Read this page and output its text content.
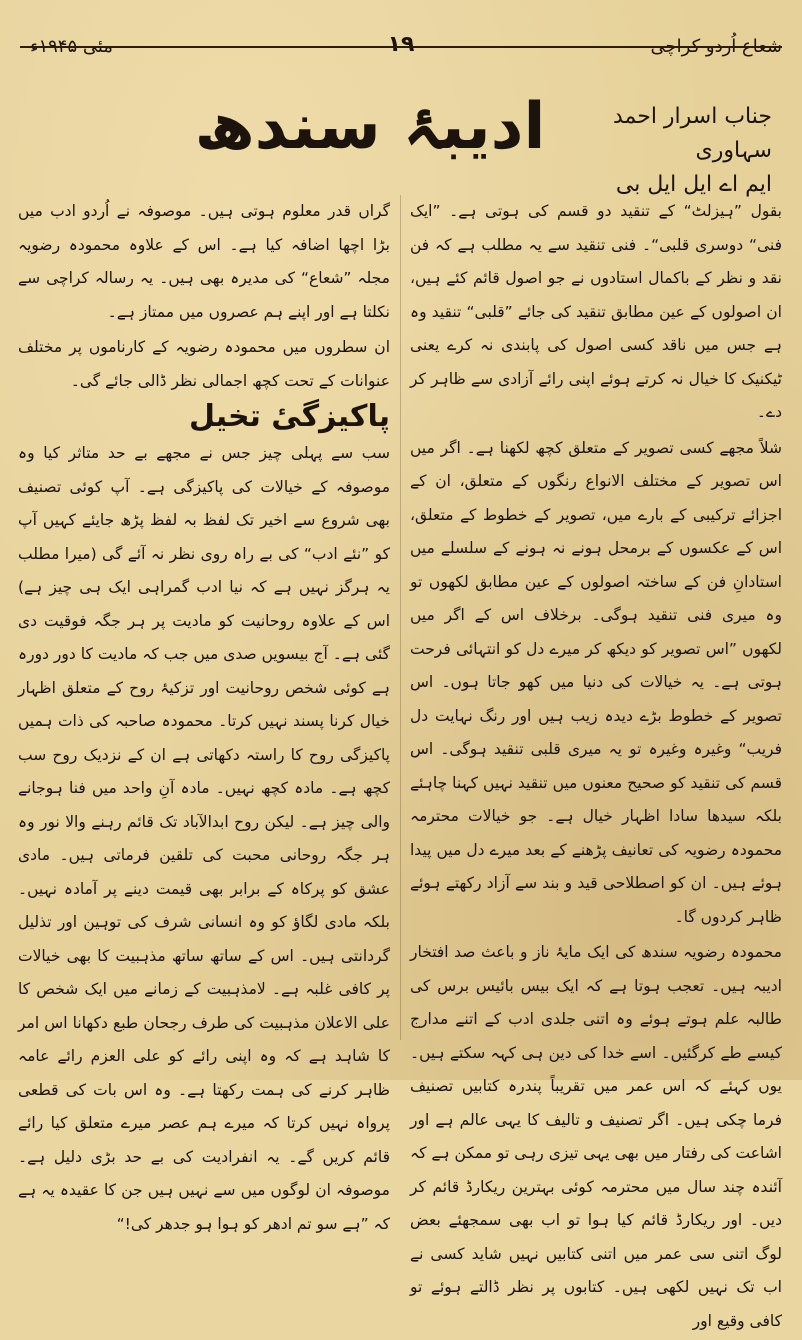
شعاع اُردو کراچی
۱۹
مئی ۱۹۴۵ء
ادیبۂ سندھ	جناب اسرار احمد سہاوری
ایم اے ایل ایل بی

بقول ”ہیزلٹ“ کے تنقید دو قسم کی ہوتی ہے۔ ”ایک فنی“ دوسری قلبی“۔ فنی تنقید سے یہ مطلب ہے کہ فن نقد و نظر کے باکمال استادوں نے جو اصول قائم کئے ہیں، ان اصولوں کے عین مطابق تنقید کی جائے ”قلبی“ تنقید وہ ہے جس میں ناقد کسی اصول کی پابندی نہ کرے یعنی ٹیکنیک کا خیال نہ کرتے ہوئے اپنی رائے آزادی سے ظاہر کر دے۔

شلاً مجھے کسی تصویر کے متعلق کچھ لکھنا ہے۔ اگر میں اس تصویر کے مختلف الانواع رنگوں کے متعلق، ان کے اجزائے ترکیبی کے بارے میں، تصویر کے خطوط کے متعلق، اس کے عکسوں کے برمحل ہونے نہ ہونے کے سلسلے میں استادانِ فن کے ساختہ اصولوں کے عین مطابق لکھوں تو وہ میری فنی تنقید ہوگی۔ برخلاف اس کے اگر میں لکھوں ”اس تصویر کو دیکھ کر میرے دل کو انتہائی فرحت ہوتی ہے۔ یہ خیالات کی دنیا میں کھو جاتا ہوں۔ اس تصویر کے خطوط بڑے دیدہ زیب ہیں اور رنگ نہایت دل فریب“ وغیرہ وغیرہ تو یہ میری قلبی تنقید ہوگی۔ اس قسم کی تنقید کو صحیح معنوں میں تنقید نہیں کہنا چاہئے بلکہ سیدھا سادا اظہار خیال ہے۔ جو خیالات محترمہ محمودہ رضویہ کی تعانیف پڑھنے کے بعد میرے دل میں پیدا ہوئے ہیں۔ ان کو اصطلاحی قید و بند سے آزاد رکھتے ہوئے ظاہر کردوں گا۔

محمودہ رضویہ سندھ کی ایک مایۂ ناز و باعث صد افتخار ادیبہ ہیں۔ تعجب ہوتا ہے کہ ایک بیس بائیس برس کی طالبہ علم ہوتے ہوئے وہ اتنی جلدی ادب کے اتنے مدارج کیسے طے کرگئیں۔ اسے خدا کی دین ہی کہہ سکتے ہیں۔ یوں کہئے کہ اس عمر میں تقریباً پندرہ کتابیں تصنیف فرما چکی ہیں۔ اگر تصنیف و تالیف کا یہی عالم ہے اور اشاعت کی رفتار میں بھی یہی تیزی رہی تو ممکن ہے کہ آئندہ چند سال میں محترمہ کوئی بہترین ریکارڈ قائم کر دیں۔ اور ریکارڈ قائم کیا ہوا تو اب بھی سمجھئے بعض لوگ اتنی سی عمر میں اتنی کتابیں نہیں شاید کسی نے اب تک نہیں لکھی ہیں۔ کتابوں پر نظر ڈالتے ہوئے تو کافی وقیع اور

گراں قدر معلوم ہوتی ہیں۔ موصوفہ نے اُردو ادب میں بڑا اچھا اضافہ کیا ہے۔ اس کے علاوہ محمودہ رضویہ مجلہ ”شعاع“ کی مدیرہ بھی ہیں۔ یہ رسالہ کراچی سے نکلتا ہے اور اپنے ہم عصروں میں ممتاز ہے۔

ان سطروں میں محمودہ رضویہ کے کارناموں پر مختلف عنوانات کے تحت کچھ اجمالی نظر ڈالی جائے گی۔

پاکیزگیٔ تخیل

سب سے پہلی چیز جس نے مجھے بے حد متاثر کیا وہ موصوفہ کے خیالات کی پاکیزگی ہے۔ آپ کوئی تصنیف بھی شروع سے اخیر تک لفظ بہ لفظ پڑھ جایئے کہیں آپ کو ”نئے ادب“ کی بے راہ روی نظر نہ آئے گی (میرا مطلب یہ ہرگز نہیں ہے کہ نیا ادب گمراہی ایک ہی چیز ہے) اس کے علاوہ روحانیت کو مادیت پر ہر جگہ فوقیت دی گئی ہے۔ آج بیسویں صدی میں جب کہ مادیت کا دور دورہ ہے کوئی شخص روحانیت اور تزکیۂ روح کے متعلق اظہار خیال کرنا پسند نہیں کرتا۔ محمودہ صاحبہ کی ذات ہمیں پاکیزگی روح کا راستہ دکھاتی ہے ان کے نزدیک روح سب کچھ ہے۔ مادہ کچھ نہیں۔ مادہ آنِ واحد میں فنا ہوجانے والی چیز ہے۔ لیکن روح ابدالآباد تک قائم رہنے والا نور وہ ہر جگہ روحانی محبت کی تلقین فرماتی ہیں۔ مادی عشق کو پرکاہ کے برابر بھی قیمت دینے پر آمادہ نہیں۔ بلکہ مادی لگاؤ کو وہ انسانی شرف کی توہین اور تذلیل گردانتی ہیں۔ اس کے ساتھ ساتھ مذہبیت کا بھی خیالات پر کافی غلبہ ہے۔ لامذہبیت کے زمانے میں ایک شخص کا علی الاعلان مذہبیت کی طرف رجحان طبع دکھانا اس امر کا شاہد ہے کہ وہ اپنی رائے کو علی العزم رائے عامہ ظاہر کرنے کی ہمت رکھتا ہے۔ وہ اس بات کی قطعی پرواہ نہیں کرتا کہ میرے ہم عصر میرے متعلق کیا رائے قائم کریں گے۔ یہ انفرادیت کی بے حد بڑی دلیل ہے۔ موصوفہ ان لوگوں میں سے نہیں ہیں جن کا عقیدہ یہ ہے کہ ”ہے سو تم ادھر کو ہوا ہو جدھر کی!“
